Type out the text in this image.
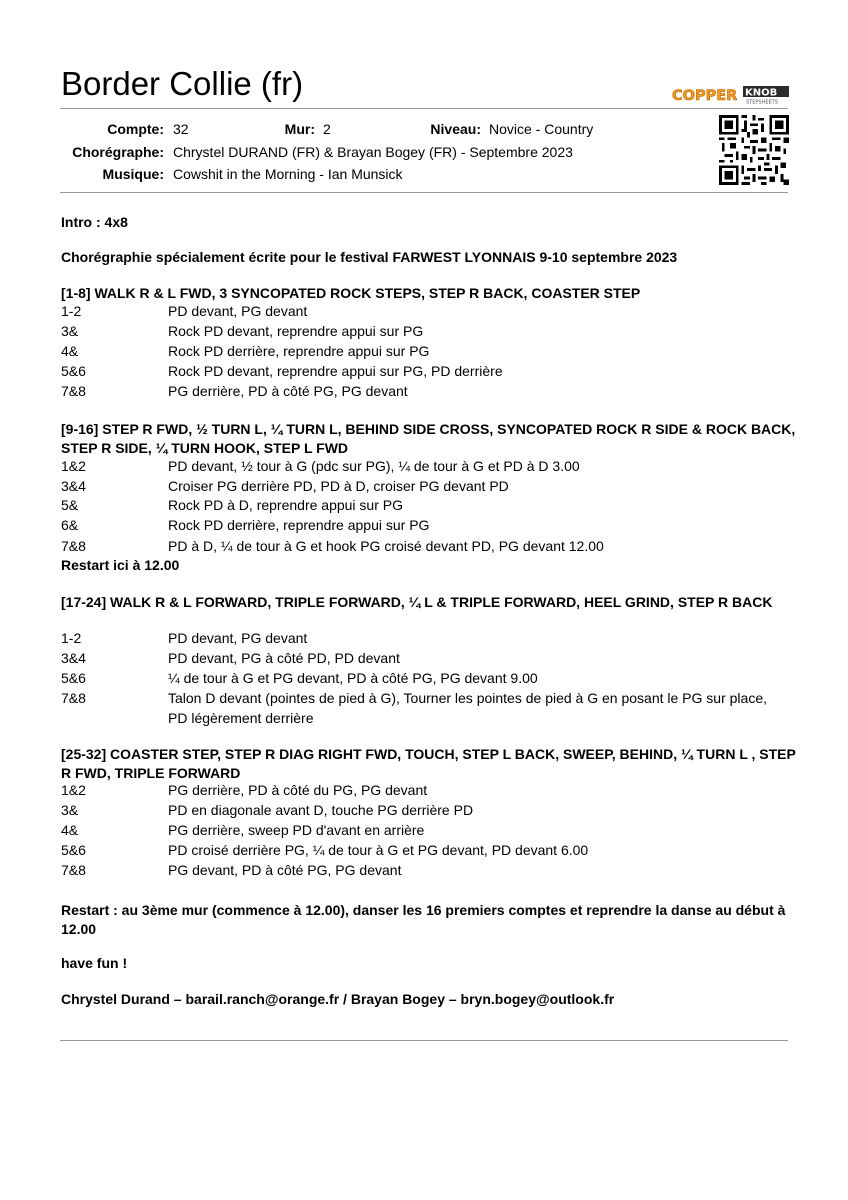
Border Collie (fr)	COPPER KNOB
STEPSHEETS
Compte: 32	Mur: 2	Niveau: Novice - Country
Chorégraphe: Chrystel DURAND (FR) & Brayan Bogey (FR) - Septembre 2023
Musique: Cowshit in the Morning - Ian Munsick
Intro : 4x8
Chorégraphie spécialement écrite pour le festival FARWEST LYONNAIS 9-10 septembre 2023
[1-8] WALK R & L FWD, 3 SYNCOPATED ROCK STEPS, STEP R BACK, COASTER STEP
1-2	PD devant, PG devant
3&	Rock PD devant, reprendre appui sur PG
4&	Rock PD derrière, reprendre appui sur PG
5&6	Rock PD devant, reprendre appui sur PG, PD derrière
7&8	PG derrière, PD à côté PG, PG devant
[9-16] STEP R FWD, ½ TURN L, ¼ TURN L, BEHIND SIDE CROSS, SYNCOPATED ROCK R SIDE & ROCK BACK, STEP R SIDE, ¼ TURN HOOK, STEP L FWD
1&2	PD devant, ½ tour à G (pdc sur PG), ¼ de tour à G et PD à D 3.00
3&4	Croiser PG derrière PD, PD à D, croiser PG devant PD
5&	Rock PD à D, reprendre appui sur PG
6&	Rock PD derrière, reprendre appui sur PG
7&8	PD à D, ¼ de tour à G et hook PG croisé devant PD, PG devant 12.00
Restart ici à 12.00
[17-24] WALK R & L FORWARD, TRIPLE FORWARD, ¼ L & TRIPLE FORWARD, HEEL GRIND, STEP R BACK
1-2	PD devant, PG devant
3&4	PD devant, PG à côté PD, PD devant
5&6	¼ de tour à G et PG devant, PD à côté PG, PG devant 9.00
7&8	Talon D devant (pointes de pied à G), Tourner les pointes de pied à G en posant le PG sur place, PD légèrement derrière
[25-32] COASTER STEP, STEP R DIAG RIGHT FWD, TOUCH, STEP L BACK, SWEEP, BEHIND, ¼ TURN L , STEP R FWD, TRIPLE FORWARD
1&2	PG derrière, PD à côté du PG, PG devant
3&	PD en diagonale avant D, touche PG derrière PD
4&	PG derrière, sweep PD d'avant en arrière
5&6	PD croisé derrière PG, ¼ de tour à G et PG devant, PD devant 6.00
7&8	PG devant, PD à côté PG, PG devant
Restart : au 3ème mur (commence à 12.00), danser les 16 premiers comptes et reprendre la danse au début à 12.00
have fun !
Chrystel Durand – barail.ranch@orange.fr / Brayan Bogey – bryn.bogey@outlook.fr
